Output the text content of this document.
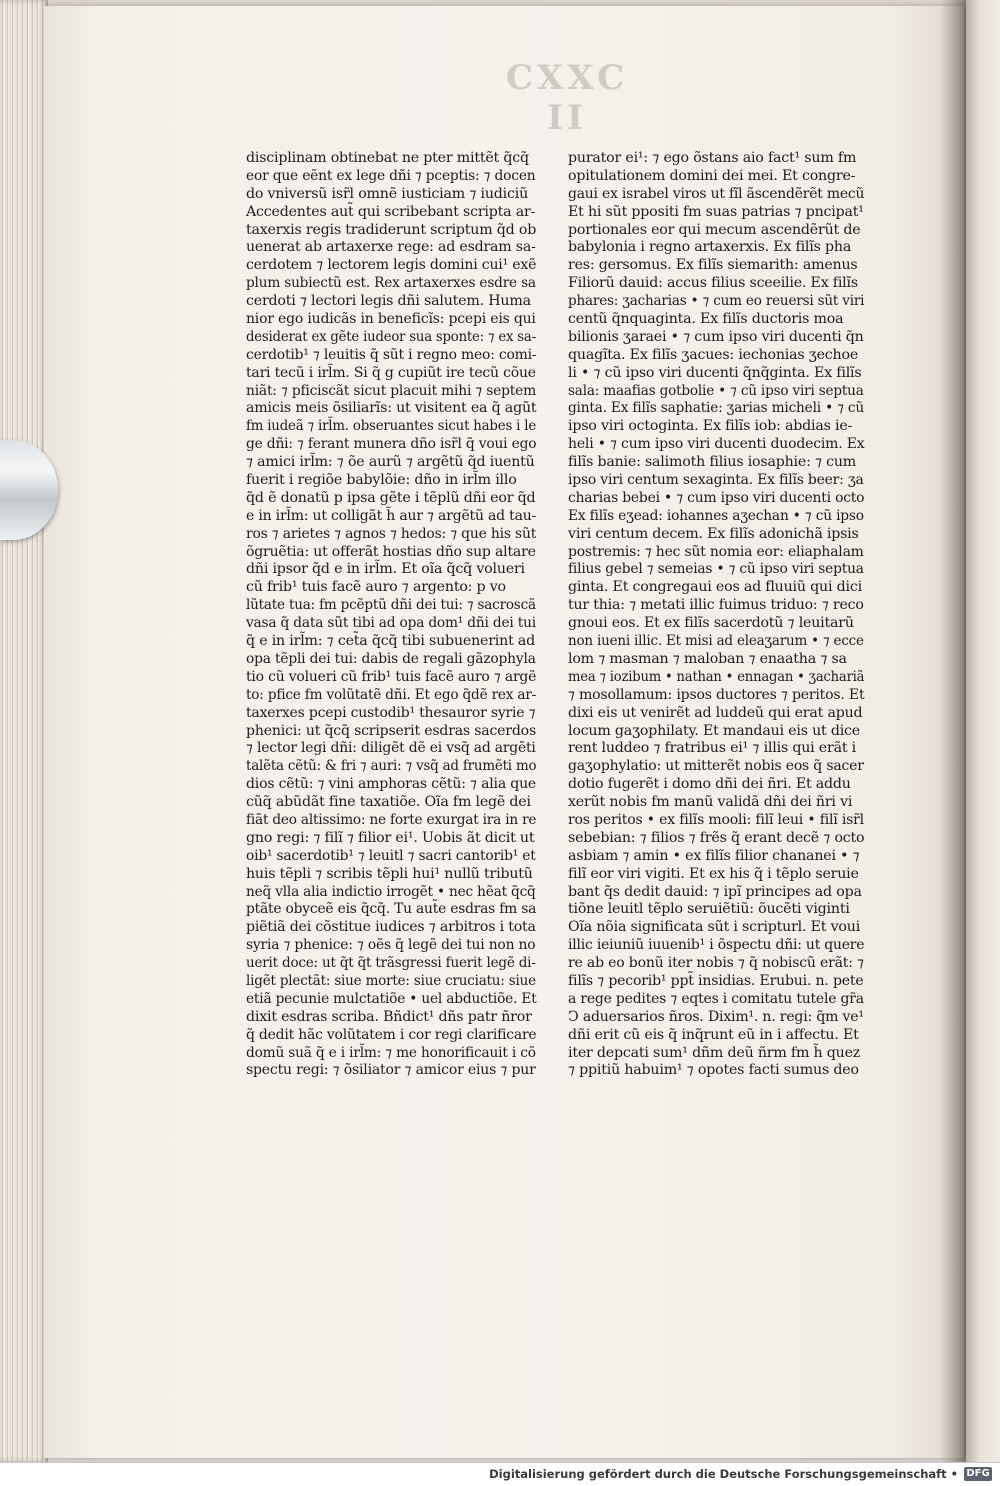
CXXC II
disciplinam obtinebat ne pter mittẽt q̃cq̃
eor que eẽnt ex lege dñi ⁊ pceptis: ⁊ docen
do vniversũ isr̃l omnẽ iusticiam ⁊ iudiciũ
Accedentes aut̃ qui scribebant scripta ar-
taxerxis regis tradiderunt scriptum q̃d ob
uenerat ab artaxerxe rege: ad esdram sa-
cerdotem ⁊ lectorem legis domini cui¹ exẽ
plum subiectũ est. Rex artaxerxes esdre sa
cerdoti ⁊ lectori legis dñi salutem. Huma
nior ego iudicãs in beneficĩs: pcepi eis qui
desiderat ex gẽte iudeor sua sponte: ⁊ ex sa-
cerdotib¹ ⁊ leuitis q̃ sũt i regno meo: comi-
tari tecũ i irl̃m. Si q̃ g cupiũt ire tecũ cõue
niãt: ⁊ pficiscãt sicut placuit mihi ⁊ septem
amicis meis õsiliarĩs: ut visitent ea q̃ agũt
fm iudeã ⁊ irl̃m. obseruantes sicut habes i le
ge dñi: ⁊ ferant munera dño isr̃l q̃ voui ego
⁊ amici irl̃m: ⁊ õe aurũ ⁊ argẽtũ q̃d iuentũ
fuerit i regiõe babylõie: dño in irl̃m illo
q̃d ẽ donatũ p ipsa gẽte i tẽplũ dñi eor q̃d
e in irl̃m: ut colligãt h̃ aur ⁊ argẽtũ ad tau-
ros ⁊ arietes ⁊ agnos ⁊ hedos: ⁊ que his sũt
õgruẽtia: ut offerãt hostias dño sup altare
dñi ipsor q̃d e in irl̃m. Et oĩa q̃cq̃ volueri
cũ frib¹ tuis facẽ auro ⁊ argento: p vo
lũtate tua: fm pcẽptũ dñi dei tui: ⁊ sacroscã
vasa q̃ data sũt tibi ad opa dom¹ dñi dei tui
q̃ e in irl̃m: ⁊ cet̃a q̃cq̃ tibi subuenerint ad
opa tẽpli dei tui: dabis de regali gãzophyla
tio cũ volueri cũ frib¹ tuis facẽ auro ⁊ argẽ
to: pfice fm volũtatẽ dñi. Et ego q̃dẽ rex ar-
taxerxes pcepi custodib¹ thesauror syrie ⁊
phenici: ut q̃cq̃ scripserit esdras sacerdos
⁊ lector legi dñi: diligẽt dẽ ei vsq̃ ad argẽti
talẽta cẽtũ: & fri ⁊ auri: ⁊ vsq̃ ad frumẽti mo
dios cẽtũ: ⁊ vini amphoras cẽtũ: ⁊ alia que
cũq̃ abũdãt fine taxatiõe. Oĩa fm legẽ dei
fiãt deo altissimo: ne forte exurgat ira in re
gno regi: ⁊ filĩ ⁊ filior ei¹. Uobis ãt dicit ut
oib¹ sacerdotib¹ ⁊ leuitl ⁊ sacri cantorib¹ et
huis tẽpli ⁊ scribis tẽpli hui¹ nullũ tributũ
neq̃ vlla alia indictio irrogẽt • nec hẽat q̃cq̃
ptãte obyceẽ eis q̃cq̃. Tu aut̃e esdras fm sa
piẽtiã dei cõstitue iudices ⁊ arbitros i tota
syria ⁊ phenice: ⁊ oẽs q̃ legẽ dei tui non no
uerit doce: ut q̃t q̃t trãsgressi fuerit legẽ di-
ligẽt plectãt: siue morte: siue cruciatu: siue
etiã pecunie mulctatiõe • uel abductiõe. Et
dixit esdras scriba. Bñdict¹ dñs patr ñror
q̃ dedit hãc volũtatem i cor regi clarificare
domũ suã q̃ e i irl̃m: ⁊ me honorificauit i cõ
spectu regi: ⁊ õsiliator ⁊ amicor eius ⁊ pur
purator ei¹: ⁊ ego õstans aio fact¹ sum fm
opitulationem domini dei mei. Et congre-
gaui ex israbel viros ut fĩl ãscendẽrẽt mecũ
Et hi sũt ppositi fm suas patrias ⁊ pncipat¹
portionales eor qui mecum ascendẽrũt de
babylonia i regno artaxerxis. Ex filĩs pha
res: gersomus. Ex filĩs siemarith: amenus
Filiorũ dauid: accus filius sceeilie. Ex filĩs
phares: ʒacharias • ⁊ cum eo reuersi sũt viri
centũ q̃nquaginta. Ex filĩs ductoris moa
bilionis ʒaraei • ⁊ cum ipso viri ducenti q̃n
quagĩta. Ex filĩs ʒacues: iechonias ʒechoe
li • ⁊ cũ ipso viri ducenti q̃nq̃ginta. Ex filĩs
sala: maafias gotbolie • ⁊ cũ ipso viri septua
ginta. Ex filĩs saphatie: ʒarias micheli • ⁊ cũ
ipso viri octoginta. Ex filĩs iob: abdias ie-
heli • ⁊ cum ipso viri ducenti duodecim. Ex
filĩs banie: salimoth filius iosaphie: ⁊ cum
ipso viri centum sexaginta. Ex filĩs beer: ʒa
charias bebei • ⁊ cum ipso viri ducenti octo
Ex filĩs eʒead: iohannes aʒechan • ⁊ cũ ipso
viri centum decem. Ex filĩs adonichã ipsis
postremis: ⁊ hec sũt nomia eor: eliaphalam
filius gebel ⁊ semeias • ⁊ cũ ipso viri septua
ginta. Et congregaui eos ad fluuiũ qui dici
tur thia: ⁊ metati illic fuimus triduo: ⁊ reco
gnoui eos. Et ex filĩs sacerdotũ ⁊ leuitarũ
non iueni illic. Et misi ad eleaʒarum • ⁊ ecce
lom ⁊ masman ⁊ maloban ⁊ enaatha ⁊ sa
mea ⁊ iozibum • nathan • ennagan • ʒachariã
⁊ mosollamum: ipsos ductores ⁊ peritos. Et
dixi eis ut venirẽt ad luddeũ qui erat apud
locum gaʒophilaty. Et mandaui eis ut dice
rent luddeo ⁊ fratribus ei¹ ⁊ illis qui erãt i
gaʒophylatio: ut mitterẽt nobis eos q̃ sacer
dotio fugerẽt i domo dñi dei ñri. Et addu
xerũt nobis fm manũ validã dñi dei ñri vi
ros peritos • ex filĩs mooli: filĩ leui • filĩ isr̃l
sebebian: ⁊ filios ⁊ frẽs q̃ erant decẽ ⁊ octo
asbiam ⁊ amin • ex filĩs filior chananei • ⁊
filĩ eor viri vigiti. Et ex his q̃ i tẽplo seruie
bant q̃s dedit dauid: ⁊ ipĩ principes ad opa
tiõne leuitl tẽplo seruiẽtiũ: õucẽti viginti
Oĩa nõia significata sũt i scripturl. Et voui
illic ieiuniũ iuuenib¹ i õspectu dñi: ut quere
re ab eo bonũ iter nobis ⁊ q̃ nobiscũ erãt: ⁊
filĩs ⁊ pecorib¹ ppt̃ insidias. Erubui. n. pete
a rege pedites ⁊ eqtes i comitatu tutele gr̃a
Ↄ aduersarios ñros. Dixim¹. n. regi: q̃m ve¹
dñi erit cũ eis q̃ inq̃runt eũ in i affectu. Et
iter depcati sum¹ dñm deũ ñrm fm h̃ quez
⁊ ppitiũ habuim¹ ⁊ opotes facti sumus deo
Digitalisierung gefördert durch die Deutsche Forschungsgemeinschaft • DFG
